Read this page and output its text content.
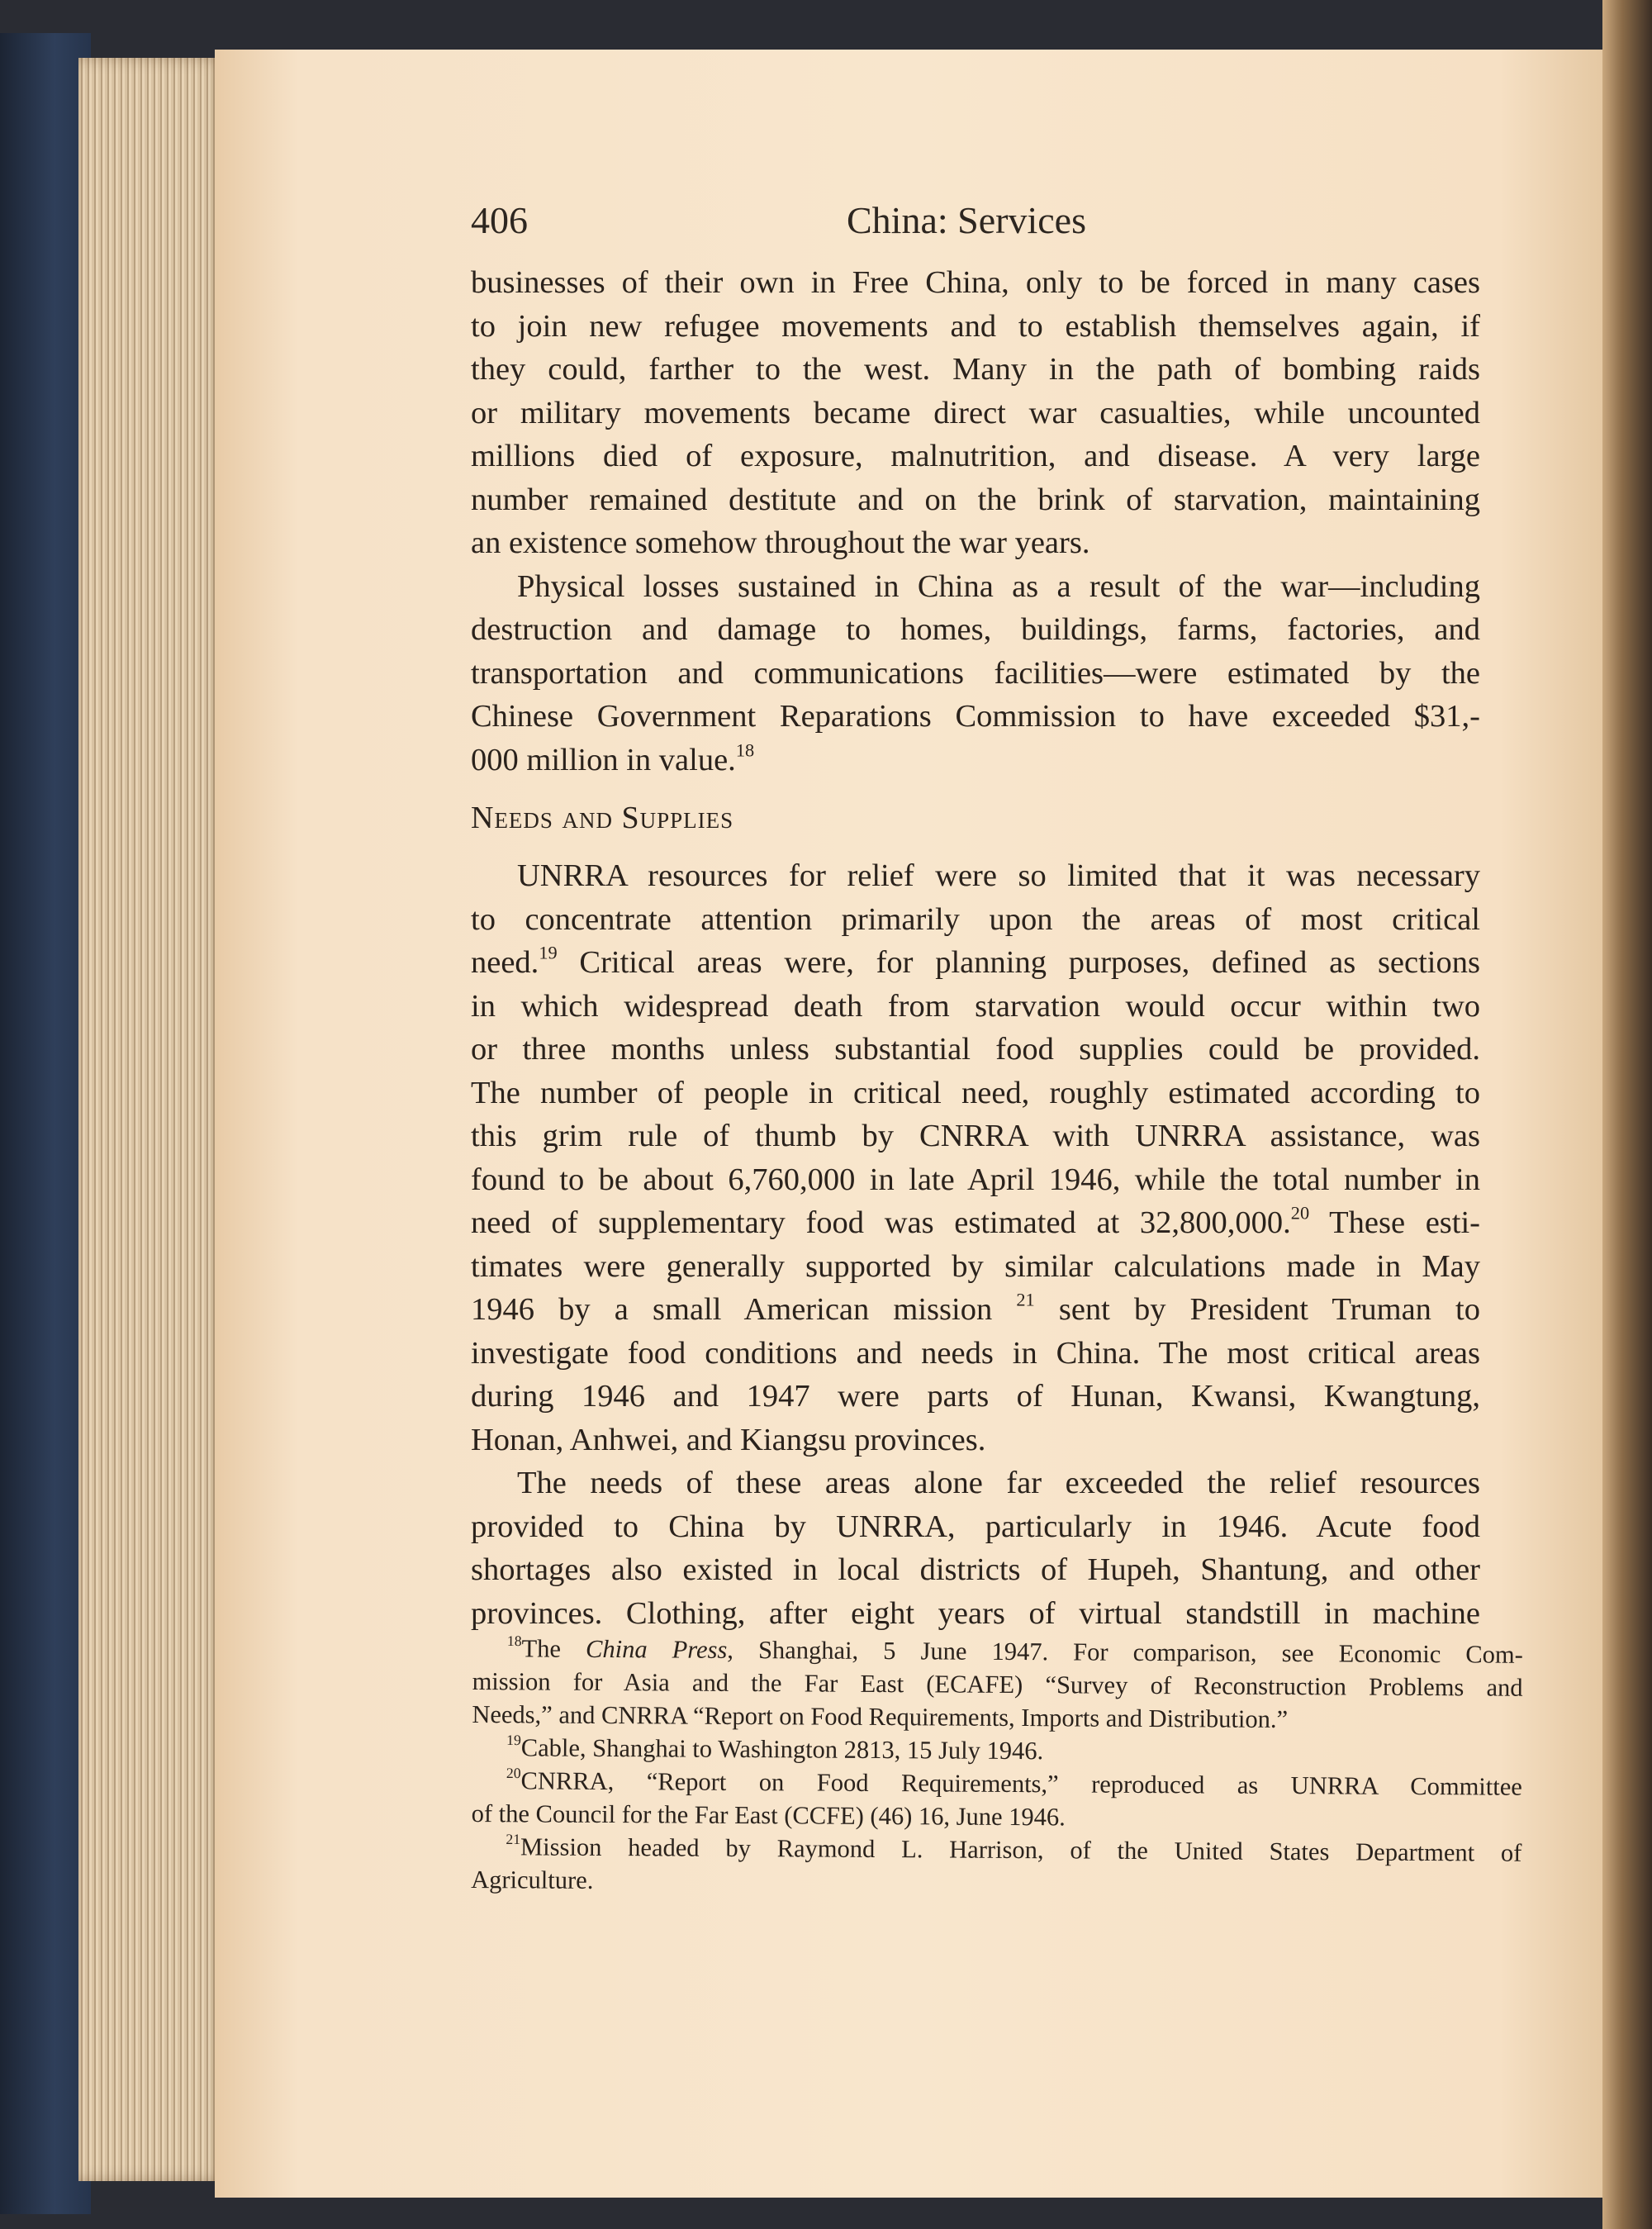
406	China: Services
businesses of their own in Free China, only to be forced in many cases
to join new refugee movements and to establish themselves again, if
they could, farther to the west. Many in the path of bombing raids
or military movements became direct war casualties, while uncounted
millions died of exposure, malnutrition, and disease. A very large
number remained destitute and on the brink of starvation, maintaining
an existence somehow throughout the war years.
Physical losses sustained in China as a result of the war—including
destruction and damage to homes, buildings, farms, factories, and
transportation and communications facilities—were estimated by the
Chinese Government Reparations Commission to have exceeded $31,-
000 million in value.$^{18}$
Needs and Supplies
UNRRA resources for relief were so limited that it was necessary
to concentrate attention primarily upon the areas of most critical
need.$^{19}$ Critical areas were, for planning purposes, defined as sections
in which widespread death from starvation would occur within two
or three months unless substantial food supplies could be provided.
The number of people in critical need, roughly estimated according to
this grim rule of thumb by CNRRA with UNRRA assistance, was
found to be about 6,760,000 in late April 1946, while the total number in
need of supplementary food was estimated at 32,800,000.20 These esti-
timates were generally supported by similar calculations made in May
1946 by a small American mission $^{21}$ sent by President Truman to
investigate food conditions and needs in China. The most critical areas
during 1946 and 1947 were parts of Hunan, Kwansi, Kwangtung,
Honan, Anhwei, and Kiangsu provinces.
The needs of these areas alone far exceeded the relief resources
provided to China by UNRRA, particularly in 1946. Acute food
shortages also existed in local districts of Hupeh, Shantung, and other
provinces. Clothing, after eight years of virtual standstill in machine
$^{18}$The China Press, Shanghai, 5 June 1947. For comparison, see Economic Com-
mission for Asia and the Far East (ECAFE) “Survey of Reconstruction Problems and
Needs,” and CNRRA “Report on Food Requirements, Imports and Distribution.”
$^{19}$Cable, Shanghai to Washington 2813, 15 July 1946.
$^{20}$CNRRA, “Report on Food Requirements,” reproduced as UNRRA Committee
of the Council for the Far East (CCFE) (46) 16, June 1946.
$^{21}$Mission headed by Raymond L. Harrison, of the United States Department of
Agriculture.
